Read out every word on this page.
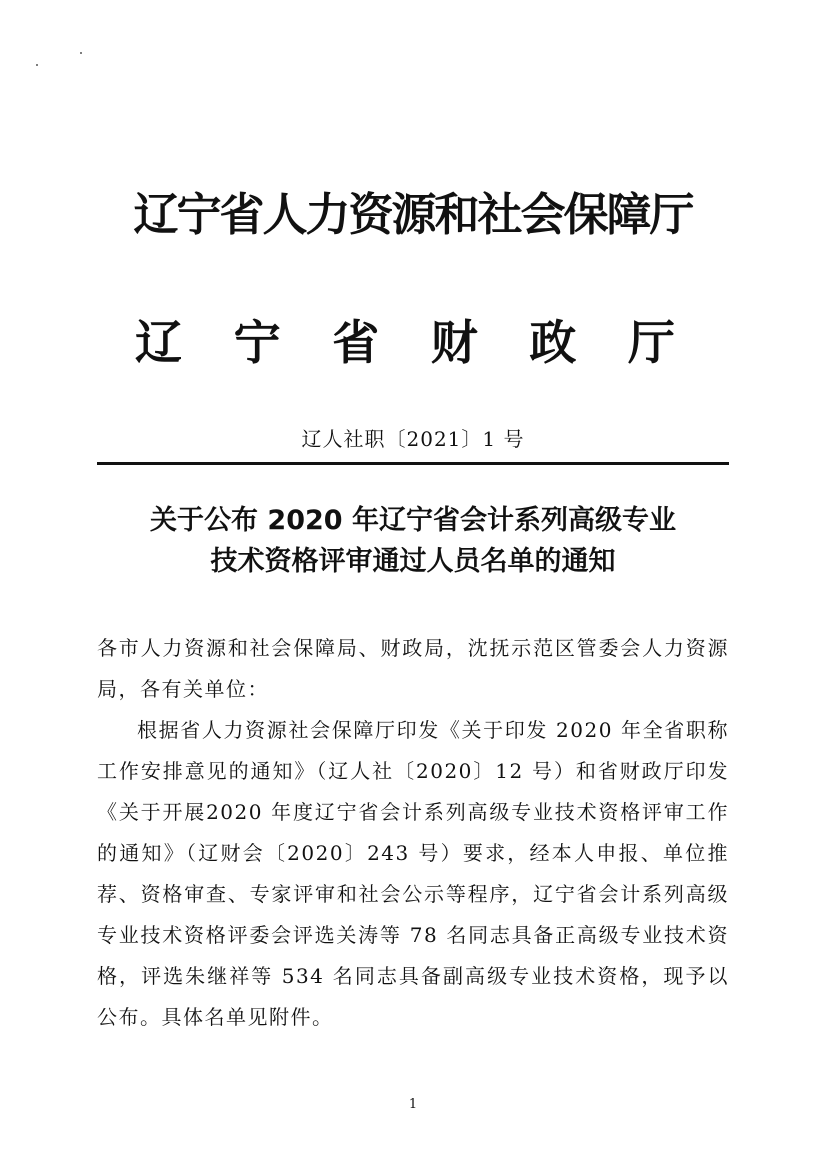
辽宁省人力资源和社会保障厅
辽 宁 省 财 政 厅

辽人社职〔2021〕1 号

关于公布 2020 年辽宁省会计系列高级专业
技术资格评审通过人员名单的通知

各市人力资源和社会保障局、财政局，沈抚示范区管委会人力资源局，各有关单位：

根据省人力资源社会保障厅印发《关于印发 2020 年全省职称工作安排意见的通知》（辽人社〔2020〕12 号）和省财政厅印发《关于开展2020 年度辽宁省会计系列高级专业技术资格评审工作的通知》（辽财会〔2020〕243 号）要求，经本人申报、单位推荐、资格审查、专家评审和社会公示等程序，辽宁省会计系列高级专业技术资格评委会评选关涛等 78 名同志具备正高级专业技术资格，评选朱继祥等 534 名同志具备副高级专业技术资格，现予以公布。具体名单见附件。

1
